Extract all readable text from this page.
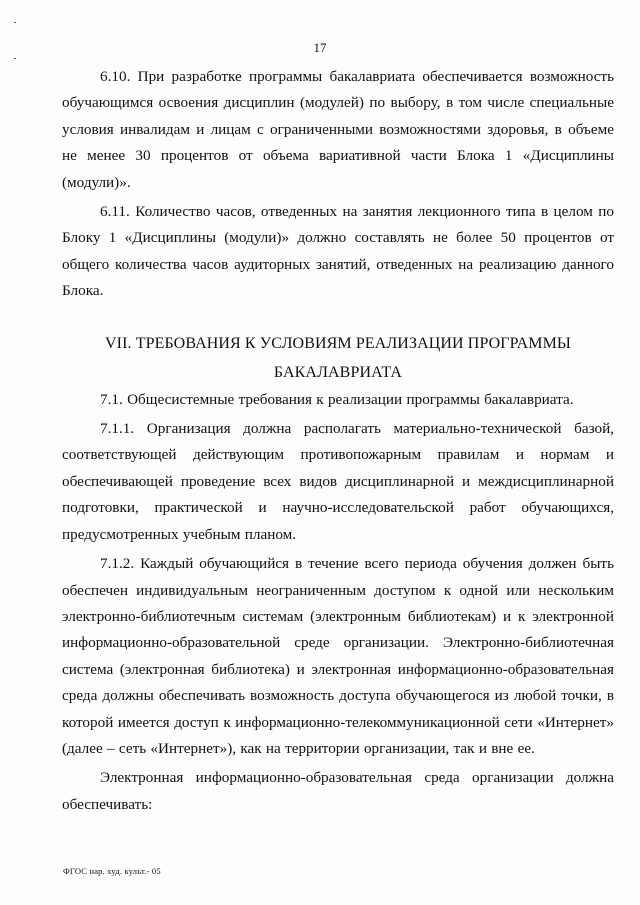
17

6.10. При разработке программы бакалавриата обеспечивается возможность обучающимся освоения дисциплин (модулей) по выбору, в том числе специальные условия инвалидам и лицам с ограниченными возможностями здоровья, в объеме не менее 30 процентов от объема вариативной части Блока 1 «Дисциплины (модули)».

6.11. Количество часов, отведенных на занятия лекционного типа в целом по Блоку 1 «Дисциплины (модули)» должно составлять не более 50 процентов от общего количества часов аудиторных занятий, отведенных на реализацию данного Блока.

VII. ТРЕБОВАНИЯ К УСЛОВИЯМ РЕАЛИЗАЦИИ ПРОГРАММЫ

БАКАЛАВРИАТА

7.1. Общесистемные требования к реализации программы бакалавриата.

7.1.1. Организация должна располагать материально-технической базой, соответствующей действующим противопожарным правилам и нормам и обеспечивающей проведение всех видов дисциплинарной и междисциплинарной подготовки, практической и научно-исследовательской работ обучающихся, предусмотренных учебным планом.

7.1.2. Каждый обучающийся в течение всего периода обучения должен быть обеспечен индивидуальным неограниченным доступом к одной или нескольким электронно-библиотечным системам (электронным библиотекам) и к электронной информационно-образовательной среде организации. Электронно-библиотечная система (электронная библиотека) и электронная информационно-образовательная среда должны обеспечивать возможность доступа обучающегося из любой точки, в которой имеется доступ к информационно-телекоммуникационной сети «Интернет» (далее – сеть «Интернет»), как на территории организации, так и вне ее.

Электронная информационно-образовательная среда организации должна обеспечивать:

ФГОС нар. худ. культ.- 05
